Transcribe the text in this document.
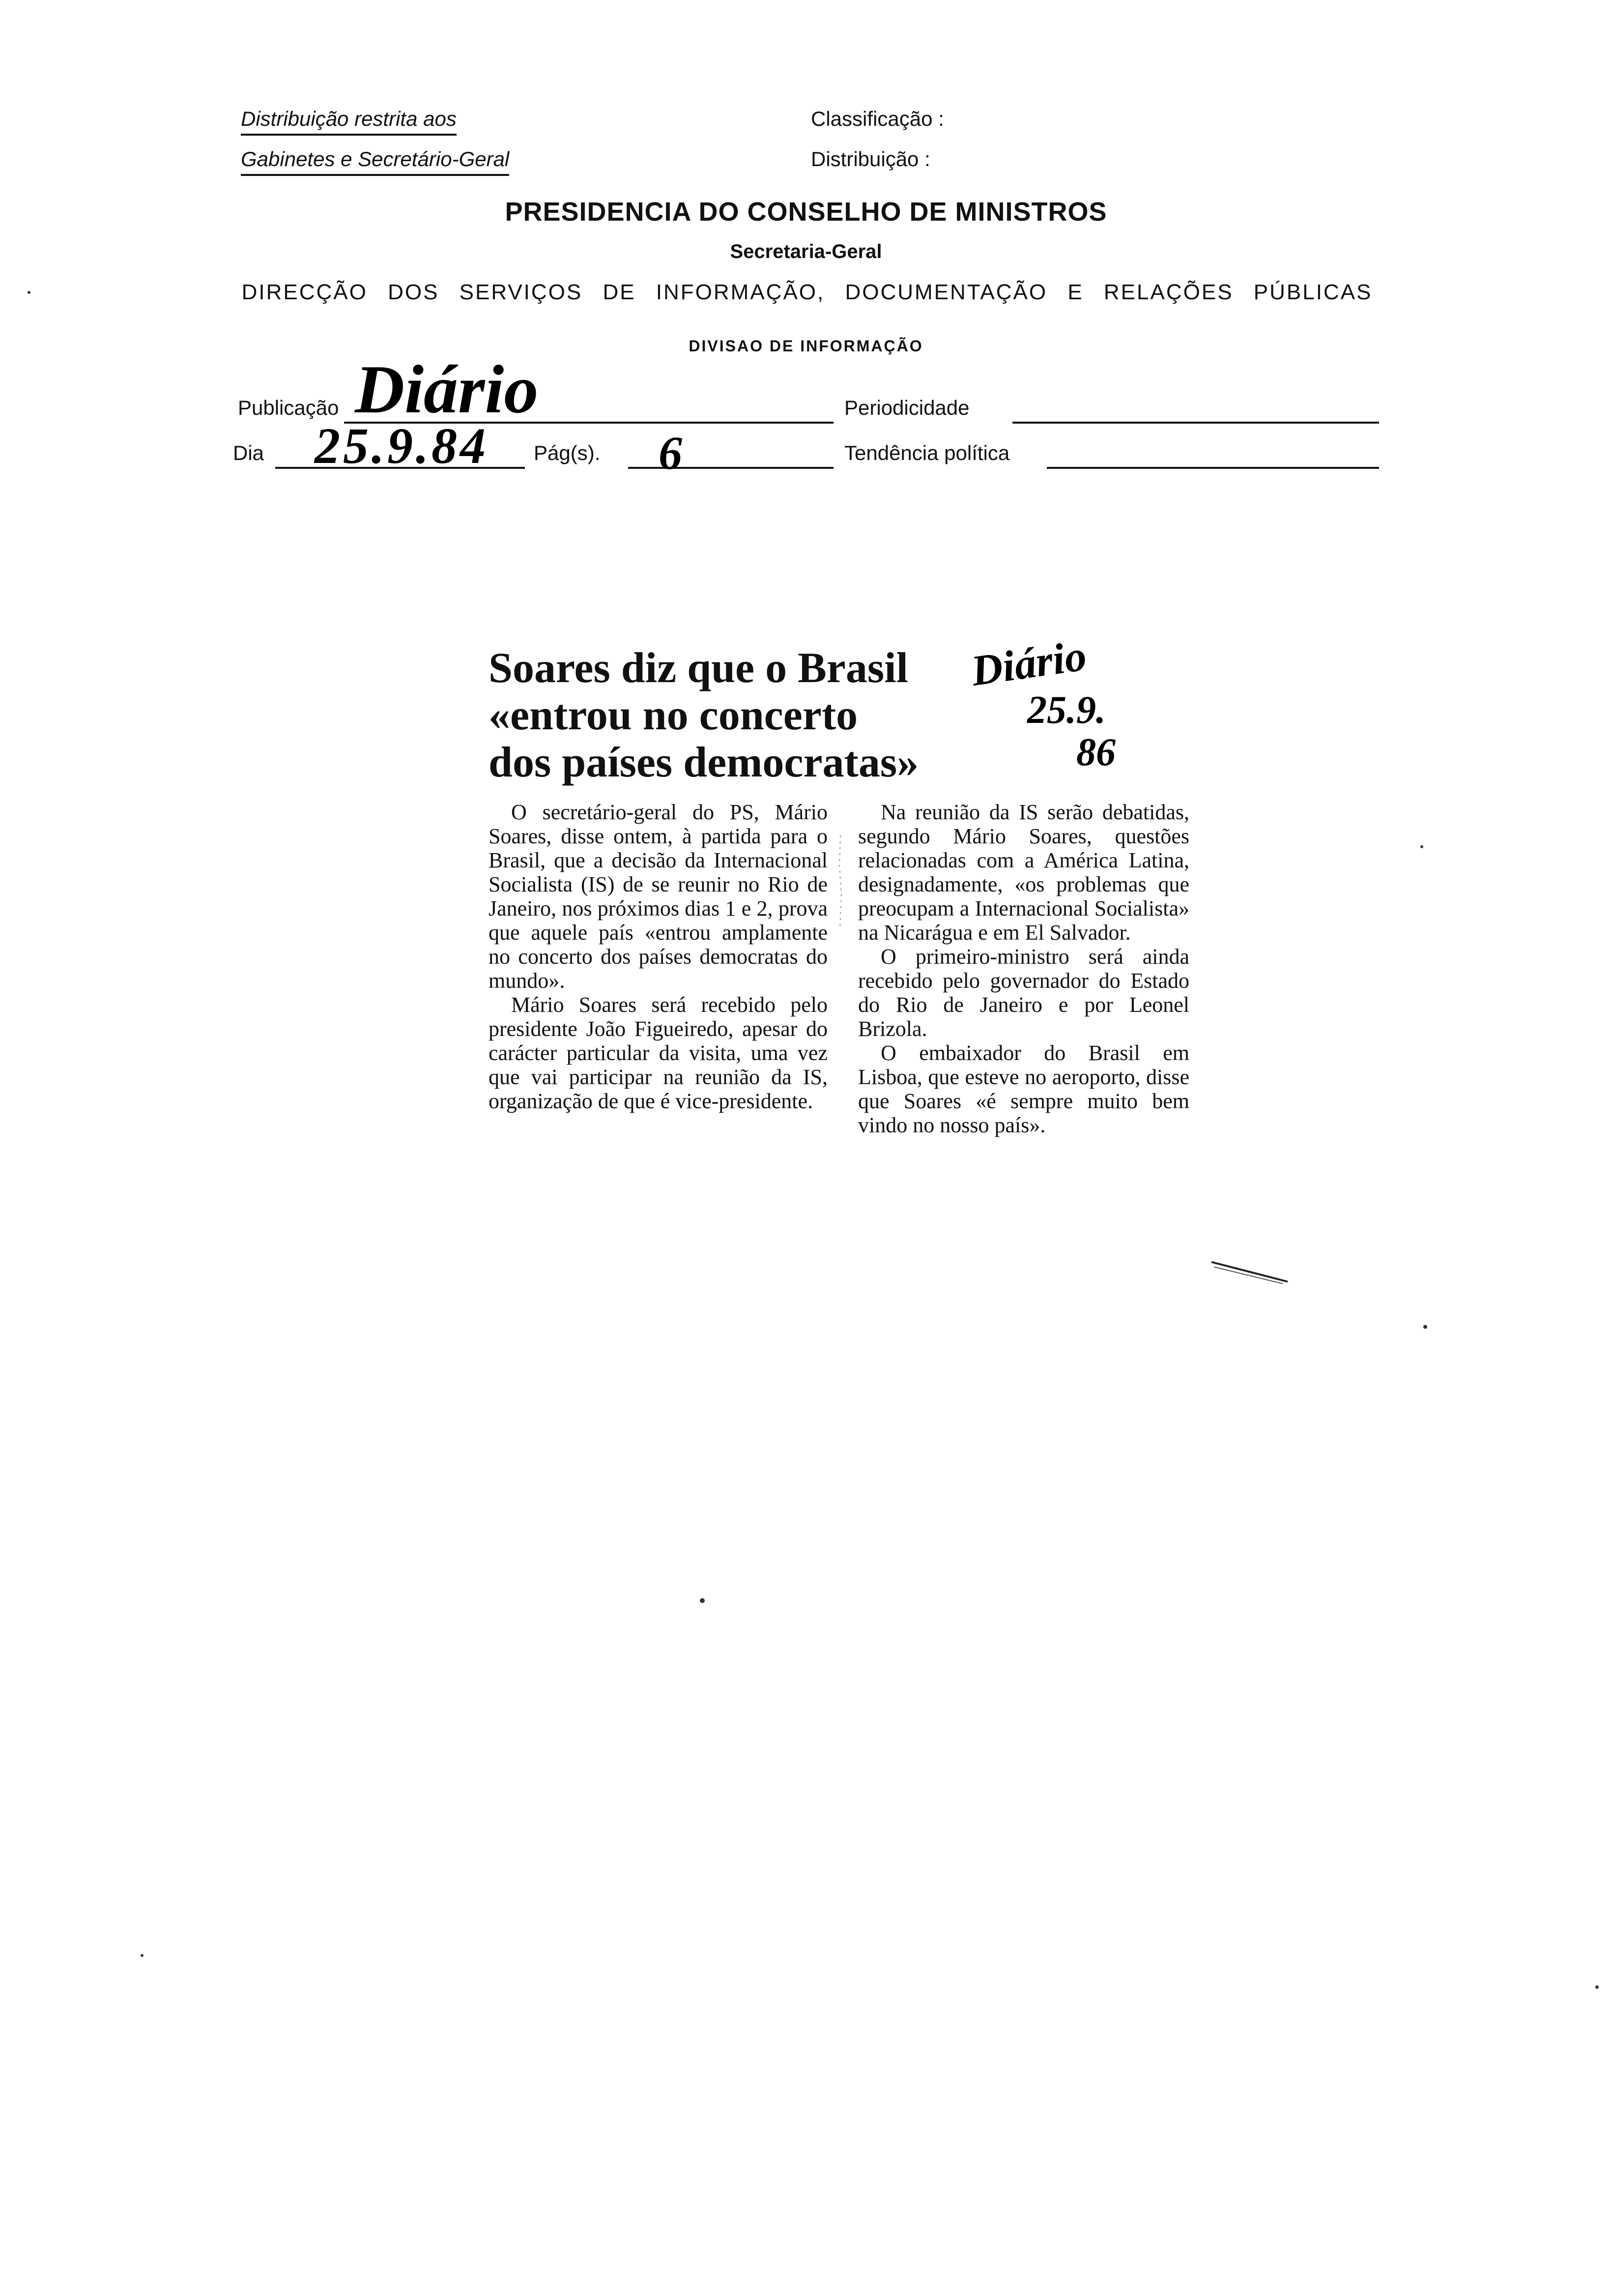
Distribuição restrita aos
Gabinetes e Secretário-Geral
Classificação :
Distribuição :
PRESIDENCIA DO CONSELHO DE MINISTROS
Secretaria-Geral
DIRECÇÃO DOS SERVIÇOS DE INFORMAÇÃO, DOCUMENTAÇÃO E RELAÇÕES PÚBLICAS
DIVISAO DE INFORMAÇÃO
Publicação Diário	Periodicidade
Dia 25.9.84 Pág(s). 6	Tendência política
Soares diz que o Brasil
«entrou no concerto
dos países democratas»
Diário
25.9.
86

O secretário-geral do PS, Mário Soares, disse ontem, à partida para o Brasil, que a decisão da Internacional Socialista (IS) de se reunir no Rio de Janeiro, nos próximos dias 1 e 2, prova que aquele país «entrou amplamente no concerto dos países democratas do mundo».

Mário Soares será recebido pelo presidente João Figueiredo, apesar do carácter particular da visita, uma vez que vai participar na reunião da IS, organização de que é vice-presidente.

Na reunião da IS serão debatidas, segundo Mário Soares, questões relacionadas com a América Latina, designadamente, «os problemas que preocupam a Internacional Socialista» na Nicarágua e em El Salvador.

O primeiro-ministro será ainda recebido pelo governador do Estado do Rio de Janeiro e por Leonel Brizola.

O embaixador do Brasil em Lisboa, que esteve no aeroporto, disse que Soares «é sempre muito bem vindo no nosso país».
